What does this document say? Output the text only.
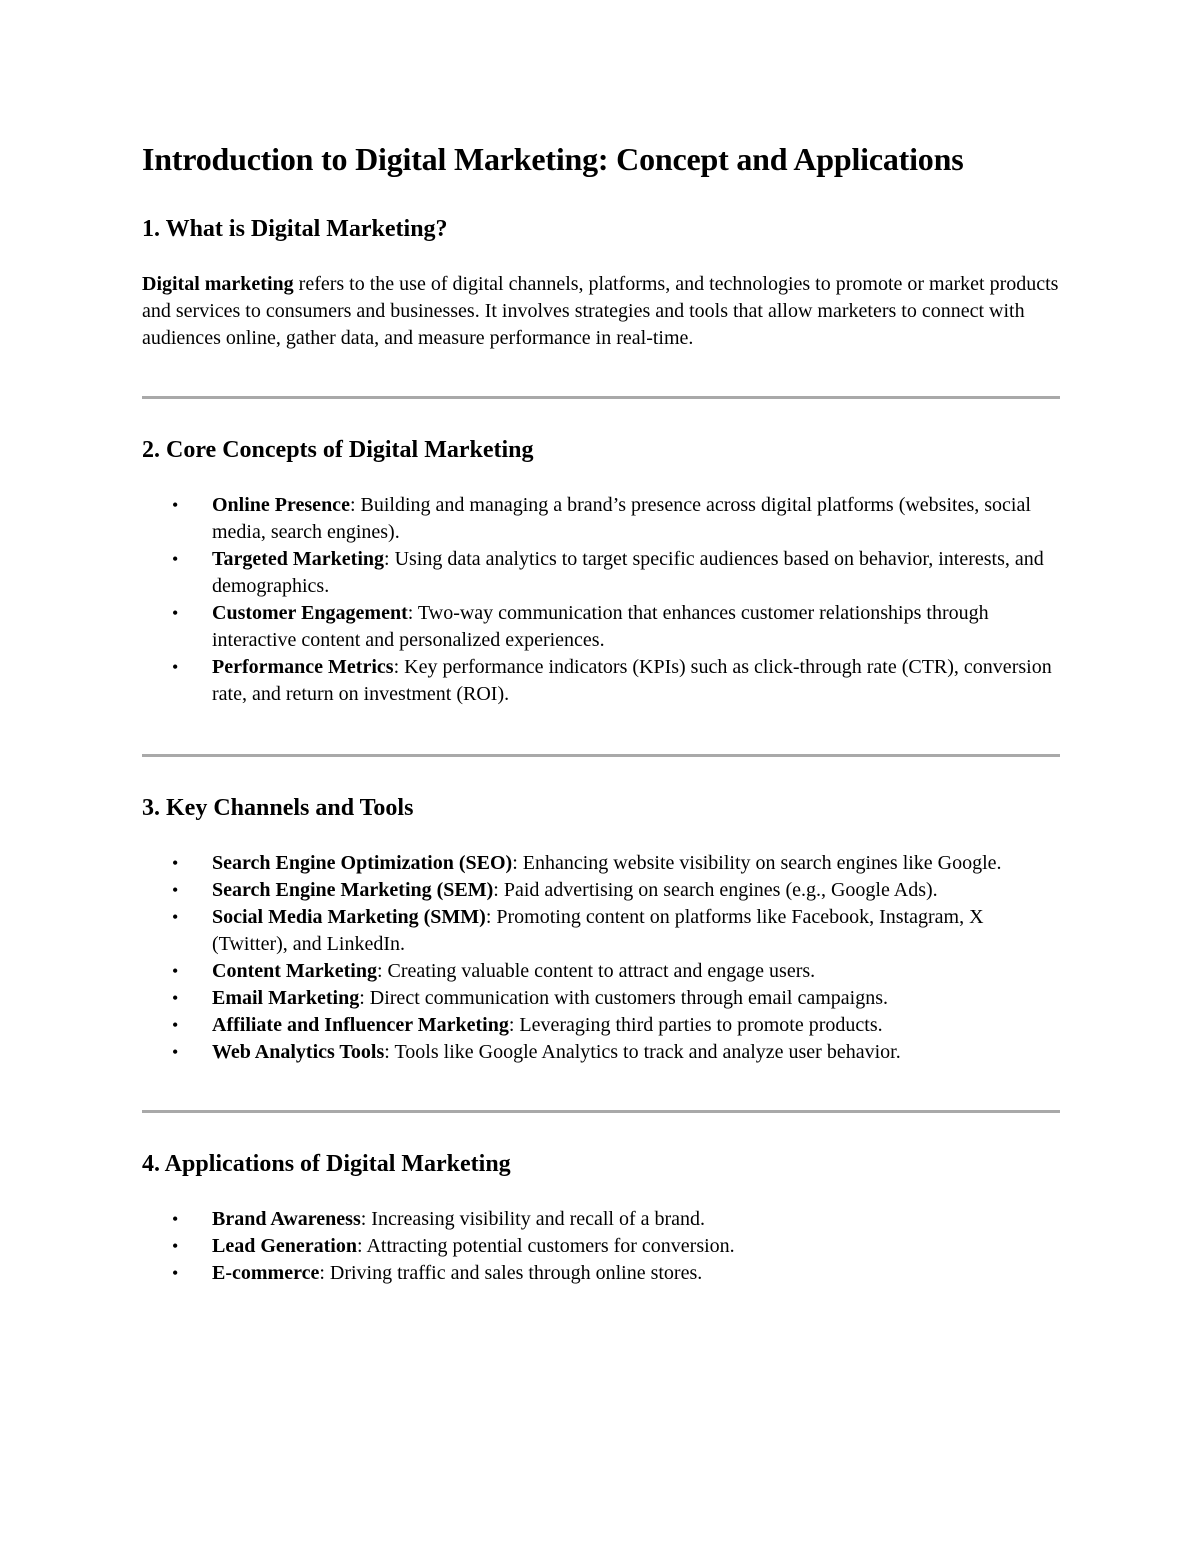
Introduction to Digital Marketing: Concept and Applications
1. What is Digital Marketing?

Digital marketing refers to the use of digital channels, platforms, and technologies to promote or market products and services to consumers and businesses. It involves strategies and tools that allow marketers to connect with audiences online, gather data, and measure performance in real-time.

2. Core Concepts of Digital Marketing
• Online Presence: Building and managing a brand’s presence across digital platforms (websites, social media, search engines).
• Targeted Marketing: Using data analytics to target specific audiences based on behavior, interests, and demographics.
• Customer Engagement: Two-way communication that enhances customer relationships through interactive content and personalized experiences.
• Performance Metrics: Key performance indicators (KPIs) such as click-through rate (CTR), conversion rate, and return on investment (ROI).
3. Key Channels and Tools
• Search Engine Optimization (SEO): Enhancing website visibility on search engines like Google.
• Search Engine Marketing (SEM): Paid advertising on search engines (e.g., Google Ads).
• Social Media Marketing (SMM): Promoting content on platforms like Facebook, Instagram, X (Twitter), and LinkedIn.
• Content Marketing: Creating valuable content to attract and engage users.
• Email Marketing: Direct communication with customers through email campaigns.
• Affiliate and Influencer Marketing: Leveraging third parties to promote products.
• Web Analytics Tools: Tools like Google Analytics to track and analyze user behavior.
4. Applications of Digital Marketing
• Brand Awareness: Increasing visibility and recall of a brand.
• Lead Generation: Attracting potential customers for conversion.
• E-commerce: Driving traffic and sales through online stores.
